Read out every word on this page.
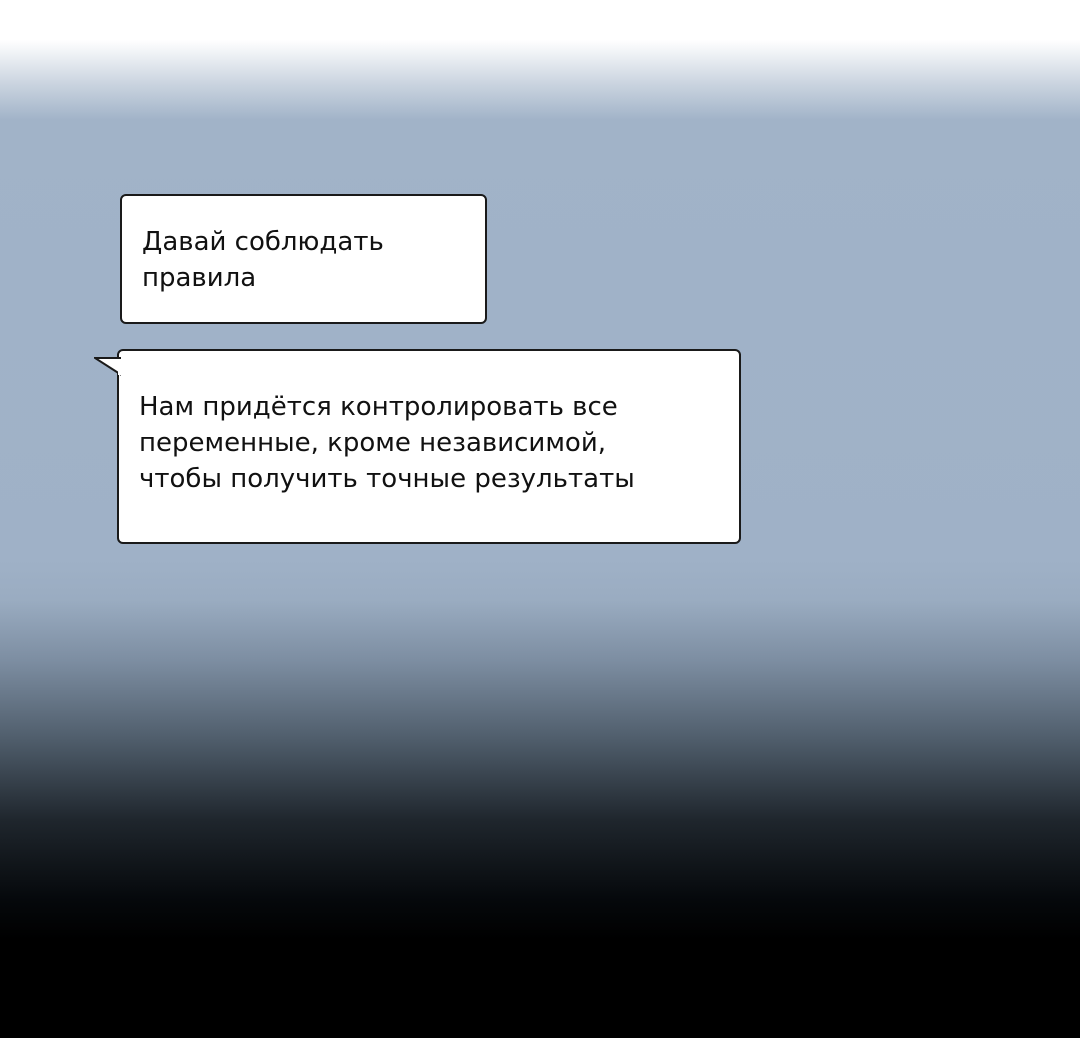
Давай соблюдать
правила
Нам придётся контролировать все
переменные, кроме независимой,
чтобы получить точные результаты
